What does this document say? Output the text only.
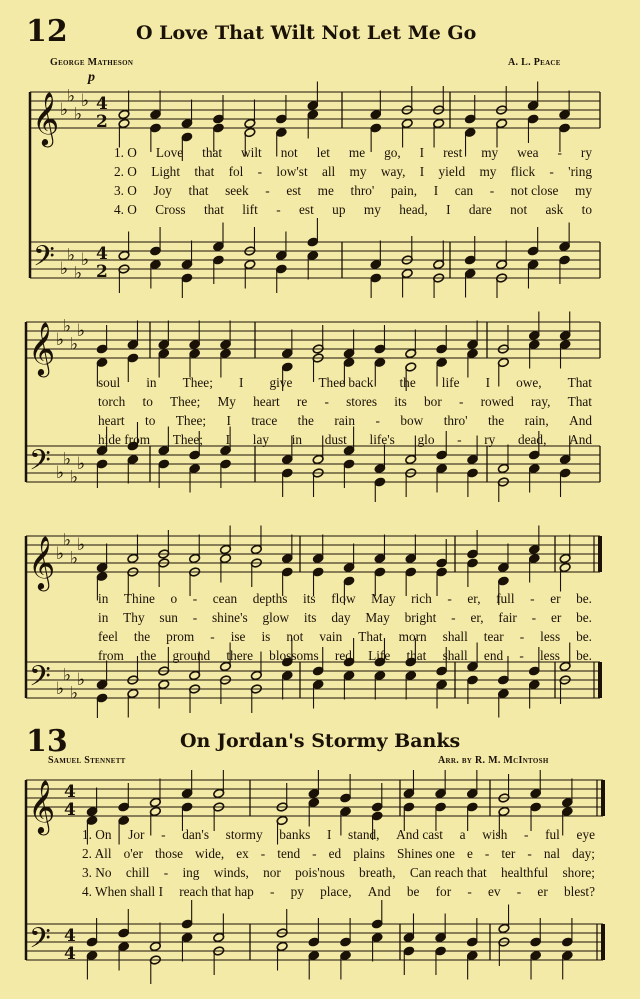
12	O Love That Wilt Not Let Me Go
George Matheson	A. L. Peace
p
𝄞
𝄢
♭
♭
♭
♭
♭
♭
♭
♭
4
2
4
2
1. O Love that wilt not let me go, I rest my wea - ry
2. O Light that fol - low'st all my way, I yield my flick - 'ring
3. O Joy that seek - est me thro' pain, I can - not close my
4. O Cross that lift - est up my head, I dare not ask to
𝄞
𝄢
♭
♭
♭
♭
♭
♭
♭
♭
soul in Thee; I give Thee back the life I owe, That
torch to Thee; My heart re - stores its bor - rowed ray, That
heart to Thee; I trace the rain - bow thro' the rain, And
hide from Thee; I lay in dust life's glo - ry dead, And
𝄞
𝄢
♭
♭
♭
♭
♭
♭
♭
♭
in Thine o - cean depths its flow May rich - er, full - er be.
in Thy sun - shine's glow its day May bright - er, fair - er be.
feel the prom - ise is not vain That morn shall tear - less be.
from the ground there blossoms red Life that shall end - less be.
13	On Jordan's Stormy Banks
Samuel Stennett	Arr. by R. M. McIntosh
𝄞
𝄢
4
4
4
4
1. On Jor - dan's stormy banks I stand, And cast a wish - ful eye
2. All o'er those wide, ex - tend - ed plains Shines one e - ter - nal day;
3. No chill - ing winds, nor pois'nous breath, Can reach that healthful shore;
4. When shall I reach that hap - py place, And be for - ev - er blest?
